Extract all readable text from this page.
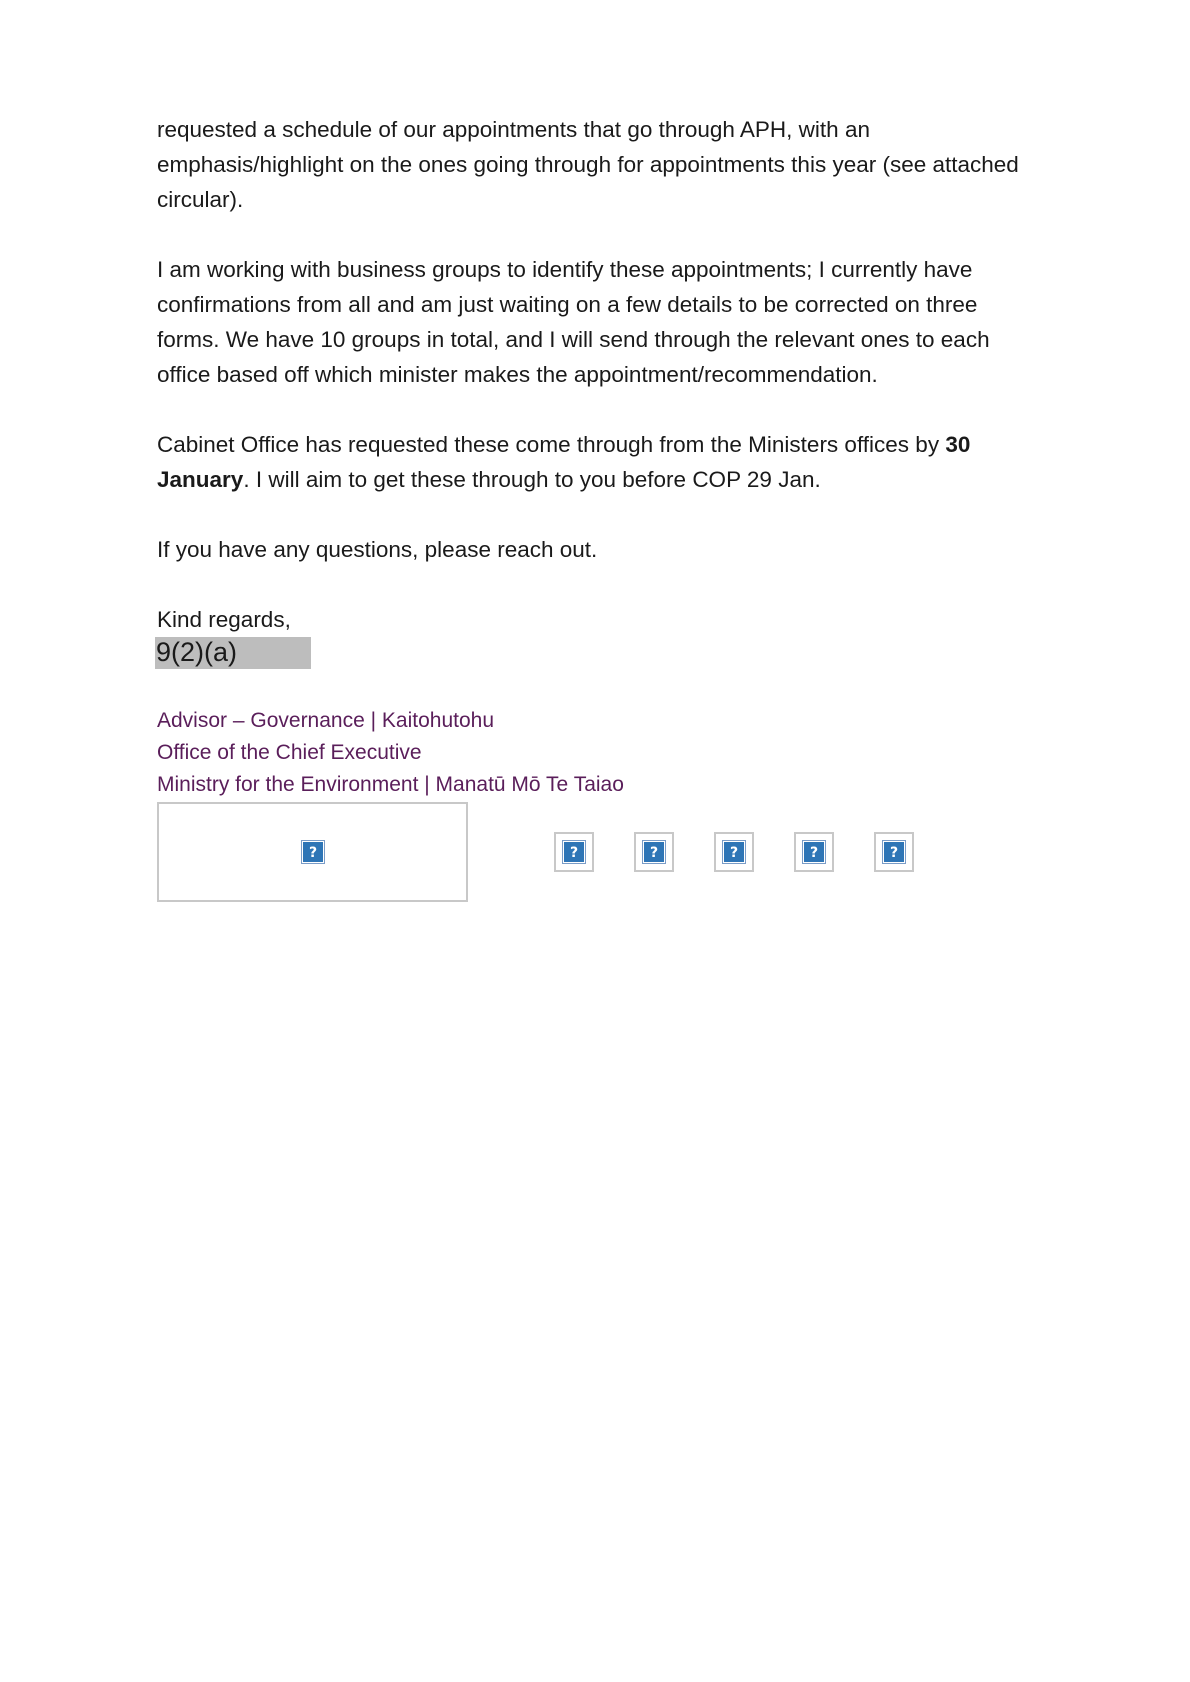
requested a schedule of our appointments that go through APH, with an emphasis/highlight on the ones going through for appointments this year (see attached circular).

I am working with business groups to identify these appointments; I currently have confirmations from all and am just waiting on a few details to be corrected on three forms. We have 10 groups in total, and I will send through the relevant ones to each office based off which minister makes the appointment/recommendation.

Cabinet Office has requested these come through from the Ministers offices by 30 January. I will aim to get these through to you before COP 29 Jan.

If you have any questions, please reach out.

Kind regards,

9(2)(a)
Advisor – Governance | Kaitohutohu
Office of the Chief Executive
Ministry for the Environment | Manatū Mō Te Taiao
?	?	?	?	?	?
